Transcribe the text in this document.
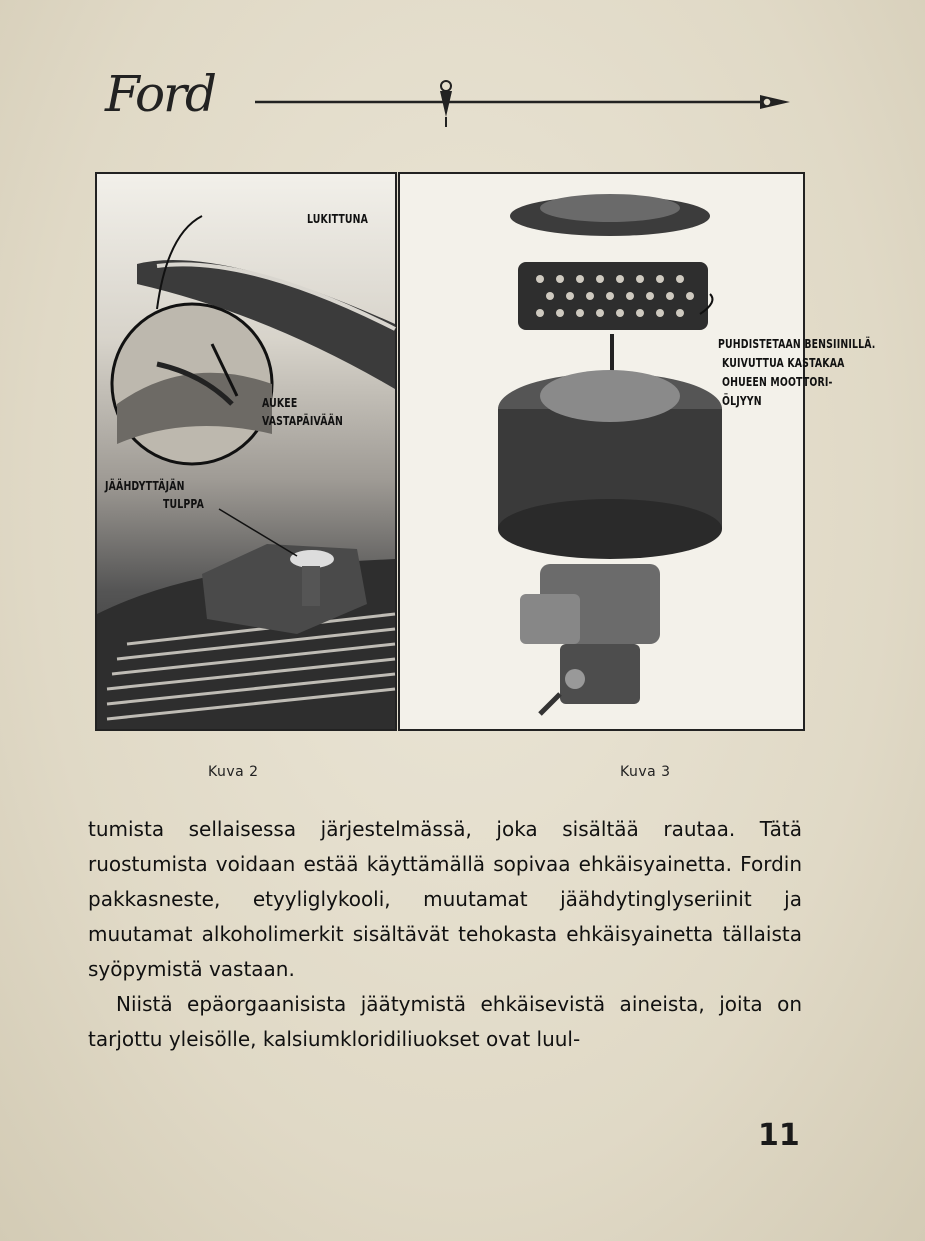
Ford
LUKITTUNA
AUKEE
VASTAPÄIVÄÄN
JÄÄHDYTTÄJÄN
TULPPA
Kuva 2
PUHDISTETAAN BENSIINILLÄ.
KUIVUTTUA KASTAKAA
OHUEEN MOOTTORI-
ÖLJYYN
Kuva 3

tumista sellaisessa järjestelmässä, joka sisältää rautaa. Tätä ruostumista voidaan estää käyttämällä sopivaa ehkäisyainetta. Fordin pakkasneste, etyyliglykooli, muutamat jäähdytinglyseriinit ja muutamat alkoholimerkit sisältävät tehokasta ehkäisyainetta tällaista syöpymistä vastaan.

Niistä epäorgaanisista jäätymistä ehkäisevistä aineista, joita on tarjottu yleisölle, kalsiumkloridiliuokset ovat luul-

11
